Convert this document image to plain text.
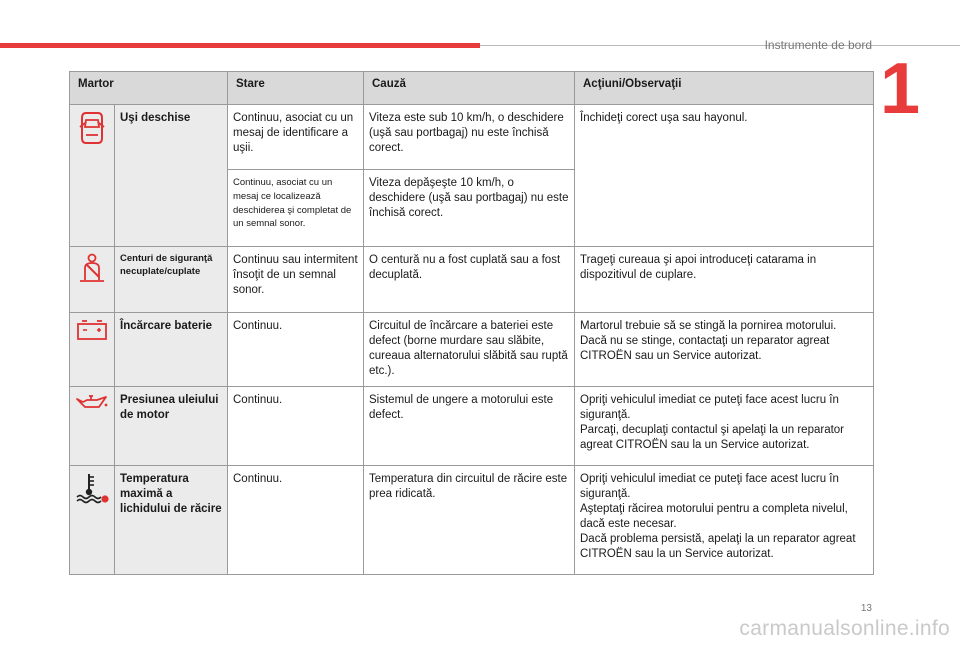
Instrumente de bord
1
Martor		Stare	Cauză	Acţiuni/Observaţii

	Uşi deschise	Continuu, asociat cu un mesaj de identificare a uşii.	Viteza este sub 10 km/h, o deschidere (uşă sau portbagaj) nu este închisă corect.	Închideţi corect uşa sau hayonul.

		Continuu, asociat cu un mesaj ce localizează deschiderea şi completat de un semnal sonor.	Viteza depăşeşte 10 km/h, o deschidere (uşă sau portbagaj) nu este închisă corect.	

	Centuri de siguranţă necuplate/cuplate	Continuu sau intermitent însoţit de un semnal sonor.	O centură nu a fost cuplată sau a fost decuplată.	Trageţi cureaua şi apoi introduceţi catarama in dispozitivul de cuplare.

	Încărcare baterie	Continuu.	Circuitul de încărcare a bateriei este defect (borne murdare sau slăbite, cureaua alternatorului slăbită sau ruptă etc.).	Martorul trebuie să se stingă la pornirea motorului.
Dacă nu se stinge, contactaţi un reparator agreat CITROËN sau un Service autorizat.

	Presiunea uleiului de motor	Continuu.	Sistemul de ungere a motorului este defect.	Opriţi vehiculul imediat ce puteţi face acest lucru în siguranţă.
Parcaţi, decuplaţi contactul şi apelaţi la un reparator agreat CITROËN sau la un Service autorizat.

	Temperatura maximă a lichidului de răcire	Continuu.	Temperatura din circuitul de răcire este prea ridicată.	Opriţi vehiculul imediat ce puteţi face acest lucru în siguranţă.
Aşteptaţi răcirea motorului pentru a completa nivelul, dacă este necesar.
Dacă problema persistă, apelaţi la un reparator agreat CITROËN sau la un Service autorizat.
13
carmanualsonline.info
